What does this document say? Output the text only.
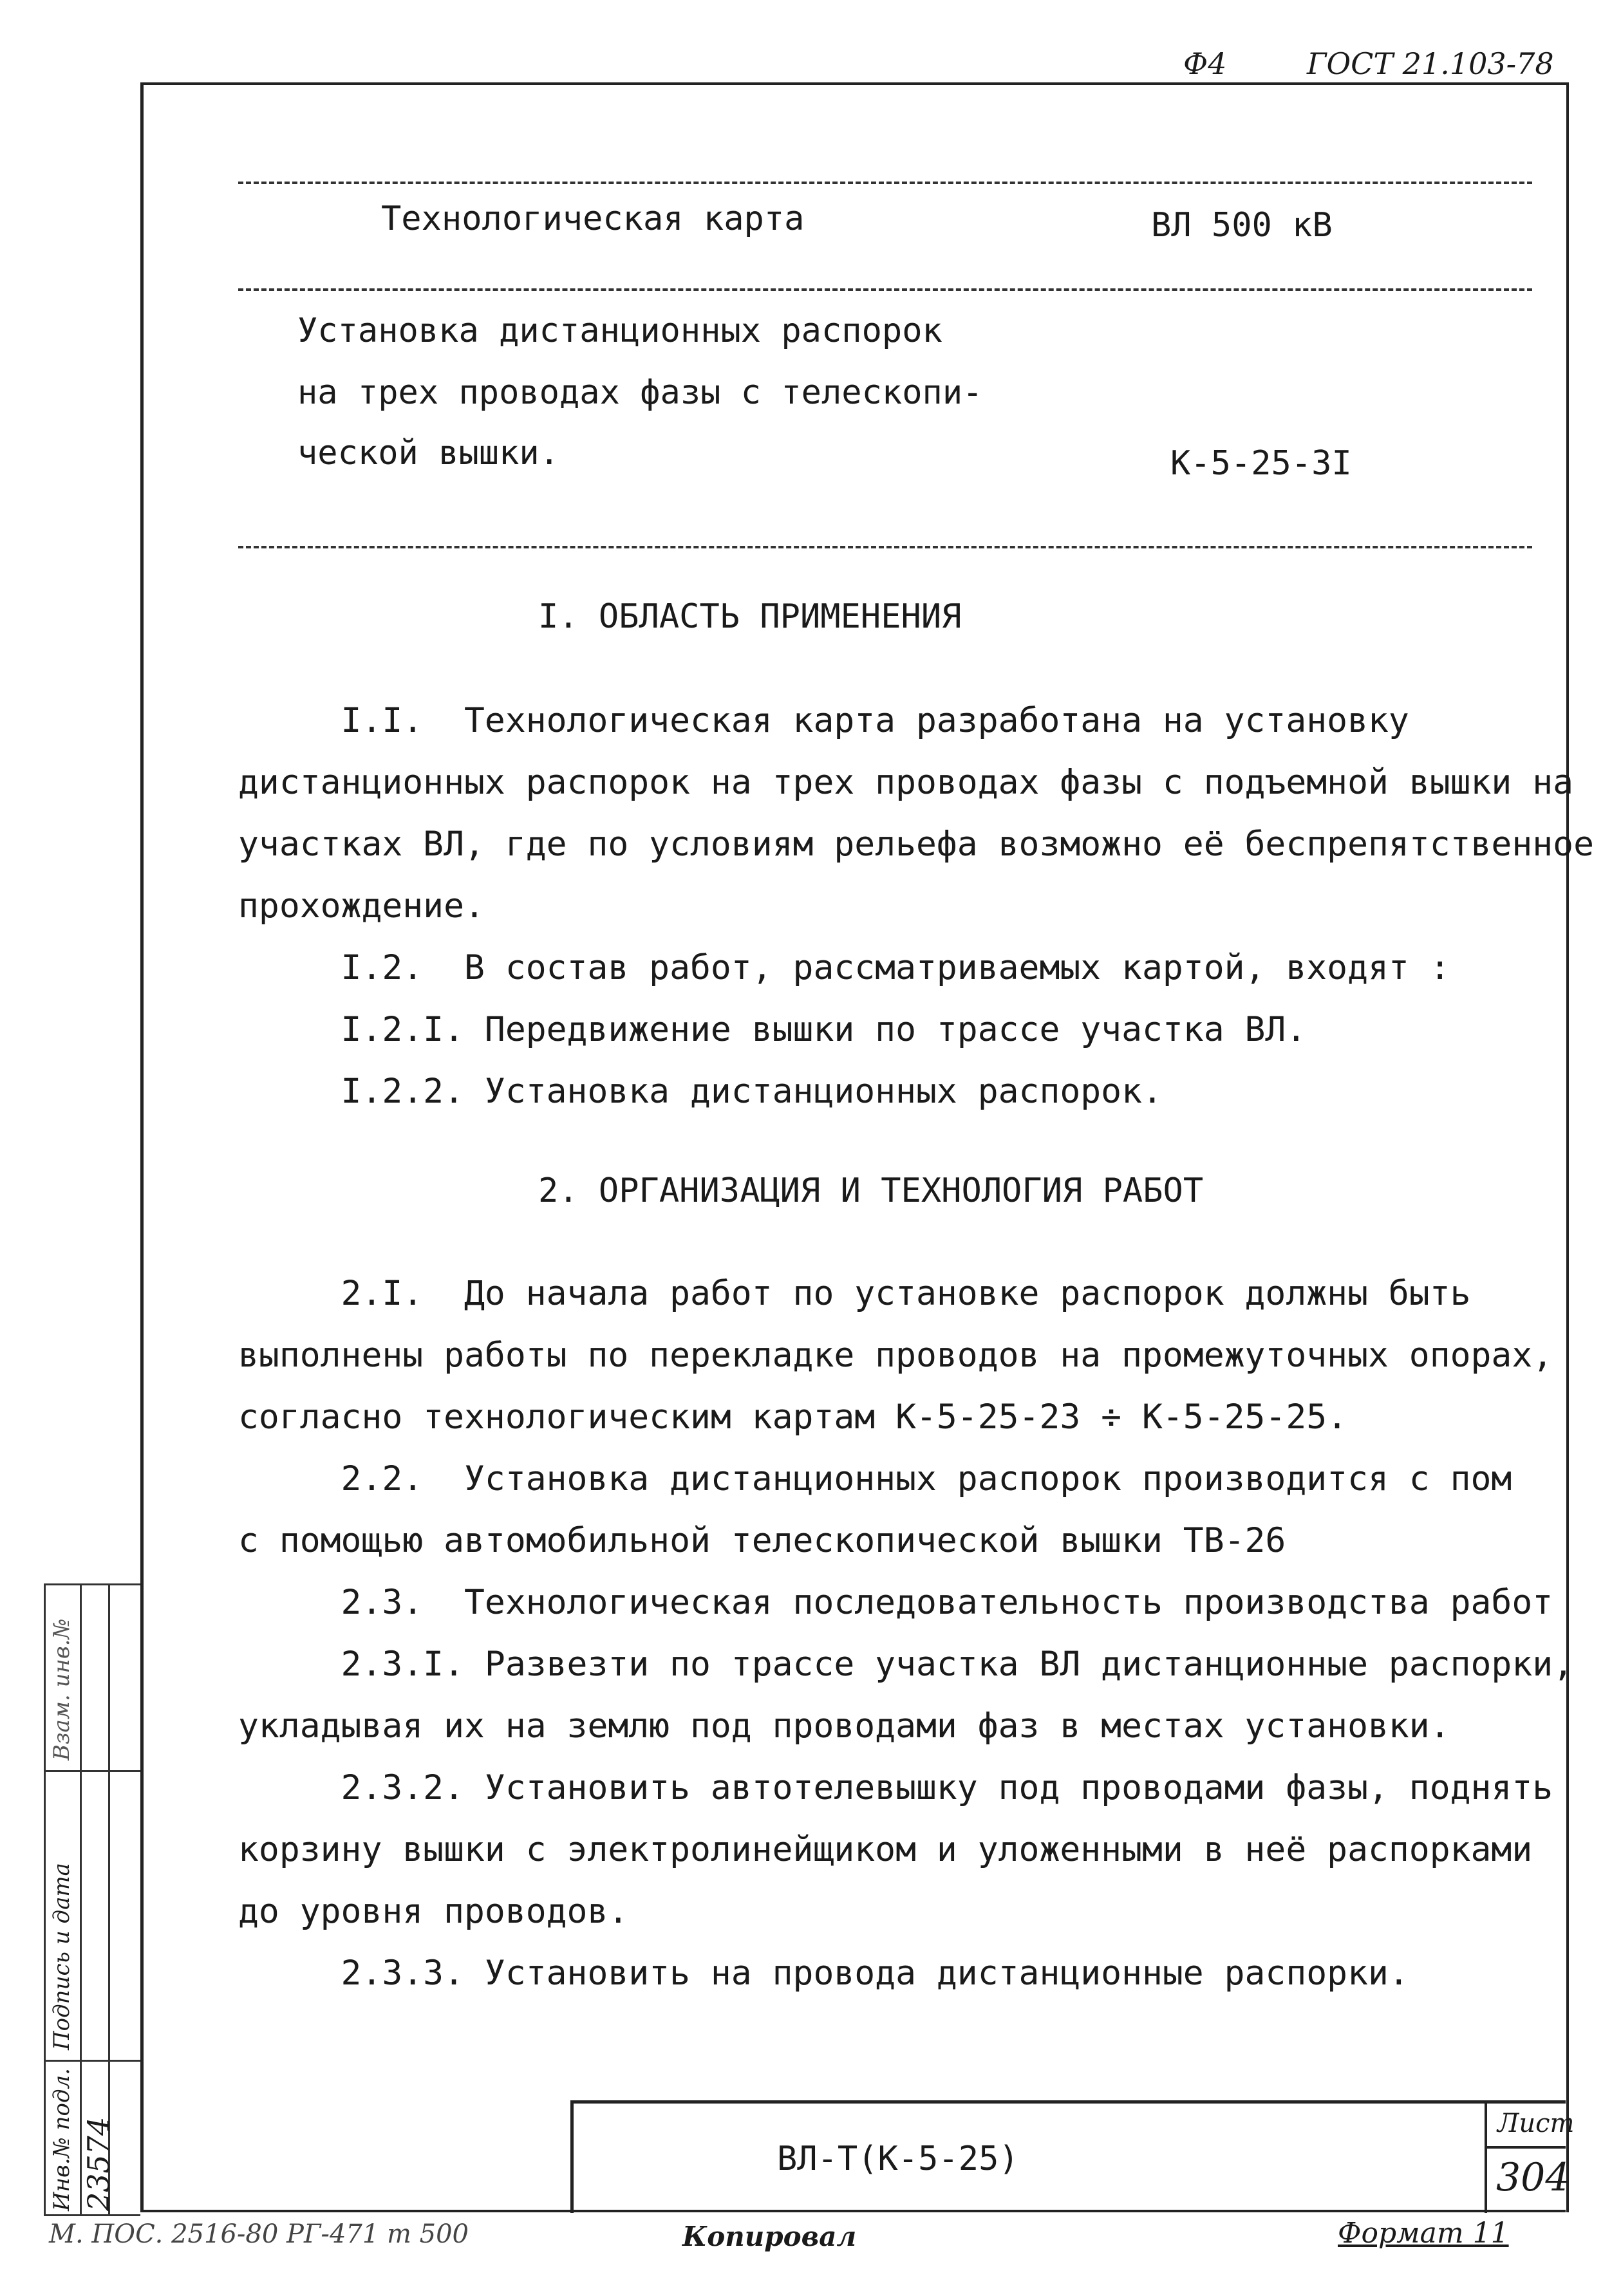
Ф4	ГОСТ 21.103-78
Технологическая карта	ВЛ 500 кВ
Установка дистанционных распорок
на трех проводах фазы с телескопи-
ческой вышки.	К-5-25-3I
I. ОБЛАСТЬ ПРИМЕНЕНИЯ
I.I.  Технологическая карта разработана на установку
дистанционных распорок на трех проводах фазы с подъемной вышки на
участках ВЛ, где по условиям рельефа возможно её беспрепятственное
прохождение.
I.2.  В состав работ, рассматриваемых картой, входят :
I.2.I. Передвижение вышки по трассе участка ВЛ.
I.2.2. Установка дистанционных распорок.
2. ОРГАНИЗАЦИЯ И ТЕХНОЛОГИЯ РАБОТ
2.I.  До начала работ по установке распорок должны быть
выполнены работы по перекладке проводов на промежуточных опорах,
согласно технологическим картам К-5-25-23 ÷ К-5-25-25.
2.2.  Установка дистанционных распорок производится с пом
с помощью автомобильной телескопической вышки ТВ-26
2.3.  Технологическая последовательность производства работ
2.3.I. Развезти по трассе участка ВЛ дистанционные распорки,
укладывая их на землю под проводами фаз в местах установки.
2.3.2. Установить автотелевышку под проводами фазы, поднять
корзину вышки с электролинейщиком и уложенными в неё распорками
до уровня проводов.
2.3.3. Установить на провода дистанционные распорки.
ВЛ-Т(К-5-25)
Лист
304
Взам. инв.№
Подпись и дата
Инв.№ подл. 23574
М. ПОС. 2516-80 РГ-471 т 500	Копировал	Формат 11
